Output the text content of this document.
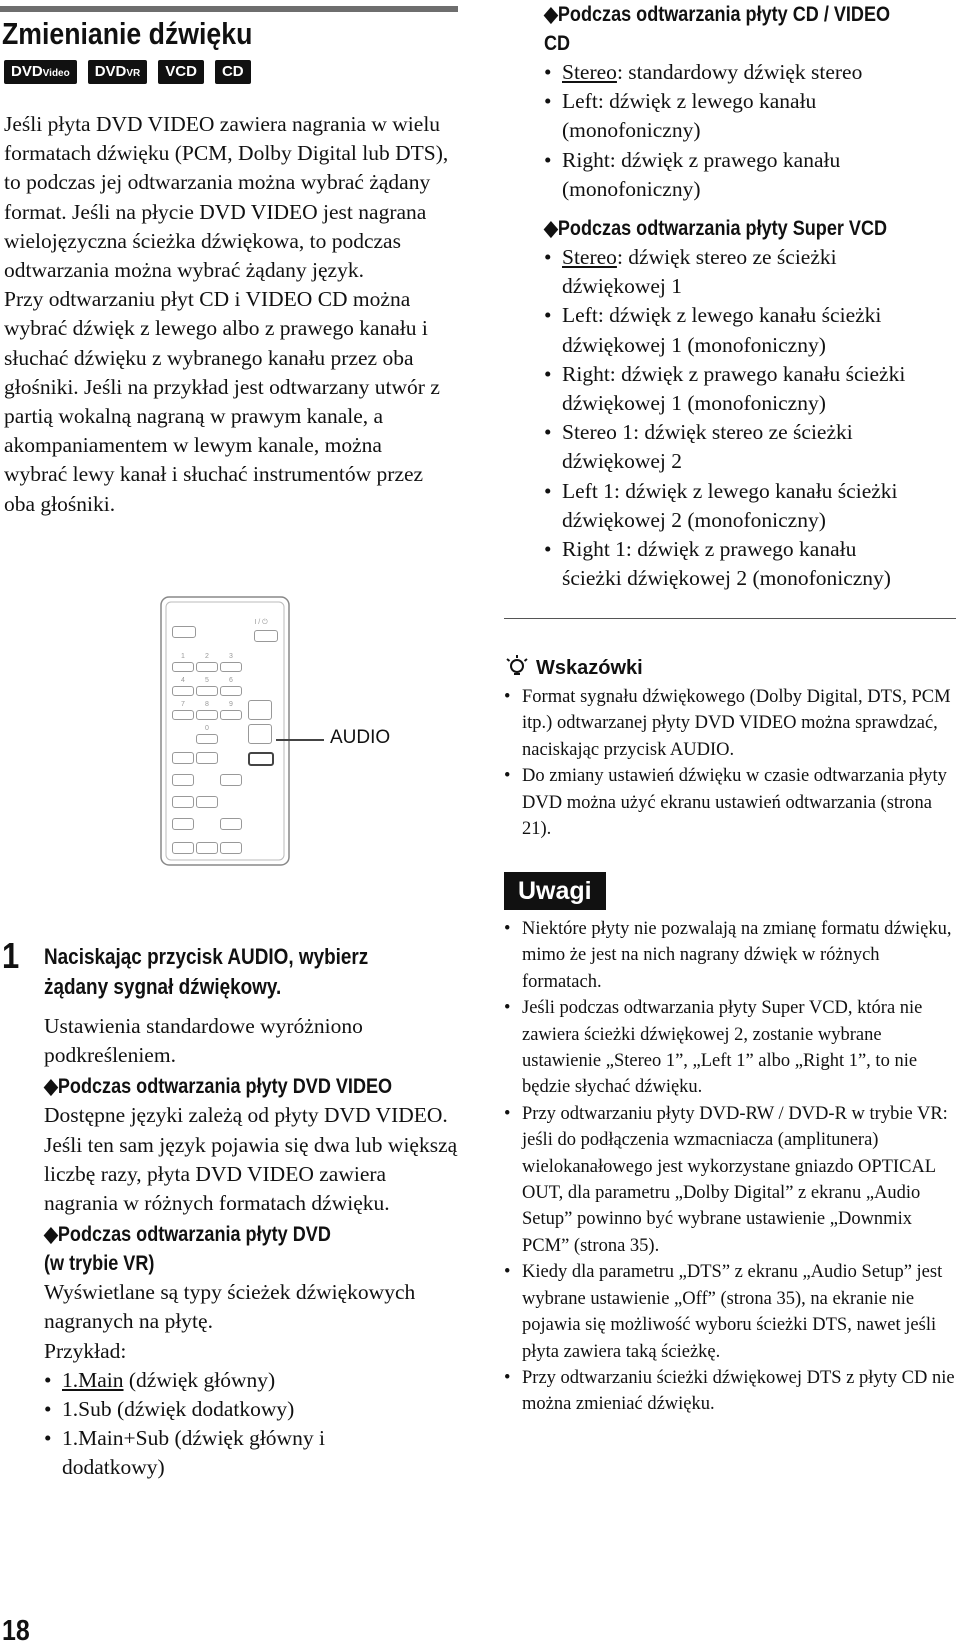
Zmienianie dźwięku
DVDVideo DVDVR VCD CD

Jeśli płyta DVD VIDEO zawiera nagrania w wielu formatach dźwięku (PCM, Dolby Digital lub DTS), to podczas jej odtwarzania można wybrać żądany format. Jeśli na płycie DVD VIDEO jest nagrana wielojęzyczna ścieżka dźwiękowa, to podczas odtwarzania można wybrać żądany język.

Przy odtwarzaniu płyt CD i VIDEO CD można wybrać dźwięk z lewego albo z prawego kanału i słuchać dźwięku z wybranego kanału przez oba głośniki. Jeśli na przykład jest odtwarzany utwór z partią wokalną nagraną w prawym kanale, a akompaniamentem w lewym kanale, można wybrać lewy kanał i słuchać instrumentów przez oba głośniki.

I / ⏻
1	2	3
4	5	6
7	8	9
0	AUDIO
1	Naciskając przycisk AUDIO, wybierz żądany sygnał dźwiękowy.

Ustawienia standardowe wyróżniono podkreśleniem.

◆Podczas odtwarzania płyty DVD VIDEO

Dostępne języki zależą od płyty DVD VIDEO.

Jeśli ten sam język pojawia się dwa lub większą liczbę razy, płyta DVD VIDEO zawiera nagrania w różnych formatach dźwięku.

◆Podczas odtwarzania płyty DVD
(w trybie VR)

Wyświetlane są typy ścieżek dźwiękowych nagranych na płytę.

Przykład:

• 1.Main (dźwięk główny)
• 1.Sub (dźwięk dodatkowy)
• 1.Main+Sub (dźwięk główny i dodatkowy)
18
◆Podczas odtwarzania płyty CD / VIDEO
CD
• Stereo: standardowy dźwięk stereo
• Left: dźwięk z lewego kanału (monofoniczny)
• Right: dźwięk z prawego kanału (monofoniczny)
◆Podczas odtwarzania płyty Super VCD
• Stereo: dźwięk stereo ze ścieżki dźwiękowej 1
• Left: dźwięk z lewego kanału ścieżki dźwiękowej 1 (monofoniczny)
• Right: dźwięk z prawego kanału ścieżki dźwiękowej 1 (monofoniczny)
• Stereo 1: dźwięk stereo ze ścieżki dźwiękowej 2
• Left 1: dźwięk z lewego kanału ścieżki dźwiękowej 2 (monofoniczny)
• Right 1: dźwięk z prawego kanału ścieżki dźwiękowej 2 (monofoniczny)
Wskazówki
• Format sygnału dźwiękowego (Dolby Digital, DTS, PCM itp.) odtwarzanej płyty DVD VIDEO można sprawdzać, naciskając przycisk AUDIO.
• Do zmiany ustawień dźwięku w czasie odtwarzania płyty DVD można użyć ekranu ustawień odtwarzania (strona 21).
Uwagi
• Niektóre płyty nie pozwalają na zmianę formatu dźwięku, mimo że jest na nich nagrany dźwięk w różnych formatach.
• Jeśli podczas odtwarzania płyty Super VCD, która nie zawiera ścieżki dźwiękowej 2, zostanie wybrane ustawienie „Stereo 1”, „Left 1” albo „Right 1”, to nie będzie słychać dźwięku.
• Przy odtwarzaniu płyty DVD-RW / DVD-R w trybie VR: jeśli do podłączenia wzmacniacza (amplitunera) wielokanałowego jest wykorzystane gniazdo OPTICAL OUT, dla parametru „Dolby Digital” z ekranu „Audio Setup” powinno być wybrane ustawienie „Downmix PCM” (strona 35).
• Kiedy dla parametru „DTS” z ekranu „Audio Setup” jest wybrane ustawienie „Off” (strona 35), na ekranie nie pojawia się możliwość wyboru ścieżki DTS, nawet jeśli płyta zawiera taką ścieżkę.
• Przy odtwarzaniu ścieżki dźwiękowej DTS z płyty CD nie można zmieniać dźwięku.
